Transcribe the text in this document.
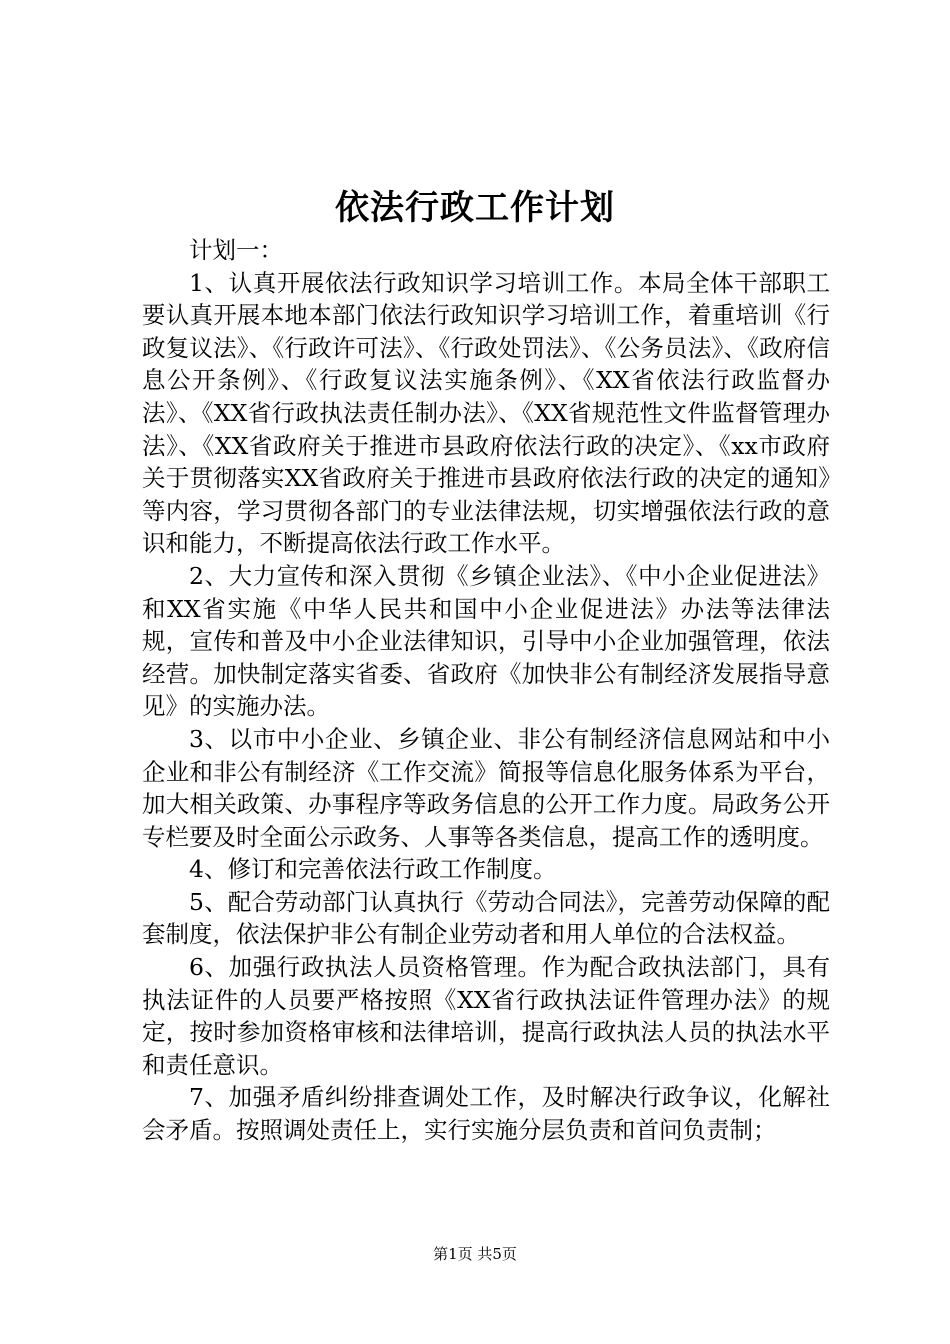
依法行政工作计划

计划一：

1、认真开展依法行政知识学习培训工作。本局全体干部职工要认真开展本地本部门依法行政知识学习培训工作，着重培训《行政复议法》、《行政许可法》、《行政处罚法》、《公务员法》、《政府信息公开条例》、《行政复议法实施条例》、《XX省依法行政监督办法》、《XX省行政执法责任制办法》、《XX省规范性文件监督管理办法》、《XX省政府关于推进市县政府依法行政的决定》、《xx市政府关于贯彻落实XX省政府关于推进市县政府依法行政的决定的通知》等内容，学习贯彻各部门的专业法律法规，切实增强依法行政的意识和能力，不断提高依法行政工作水平。

2、大力宣传和深入贯彻《乡镇企业法》、《中小企业促进法》和XX省实施《中华人民共和国中小企业促进法》办法等法律法规，宣传和普及中小企业法律知识，引导中小企业加强管理，依法经营。加快制定落实省委、省政府《加快非公有制经济发展指导意见》的实施办法。

3、以市中小企业、乡镇企业、非公有制经济信息网站和中小企业和非公有制经济《工作交流》简报等信息化服务体系为平台，加大相关政策、办事程序等政务信息的公开工作力度。局政务公开专栏要及时全面公示政务、人事等各类信息，提高工作的透明度。

4、修订和完善依法行政工作制度。

5、配合劳动部门认真执行《劳动合同法》，完善劳动保障的配套制度，依法保护非公有制企业劳动者和用人单位的合法权益。

6、加强行政执法人员资格管理。作为配合政执法部门，具有执法证件的人员要严格按照《XX省行政执法证件管理办法》的规定，按时参加资格审核和法律培训，提高行政执法人员的执法水平和责任意识。

7、加强矛盾纠纷排查调处工作，及时解决行政争议，化解社会矛盾。按照调处责任上，实行实施分层负责和首问负责制；

第1页 共5页
